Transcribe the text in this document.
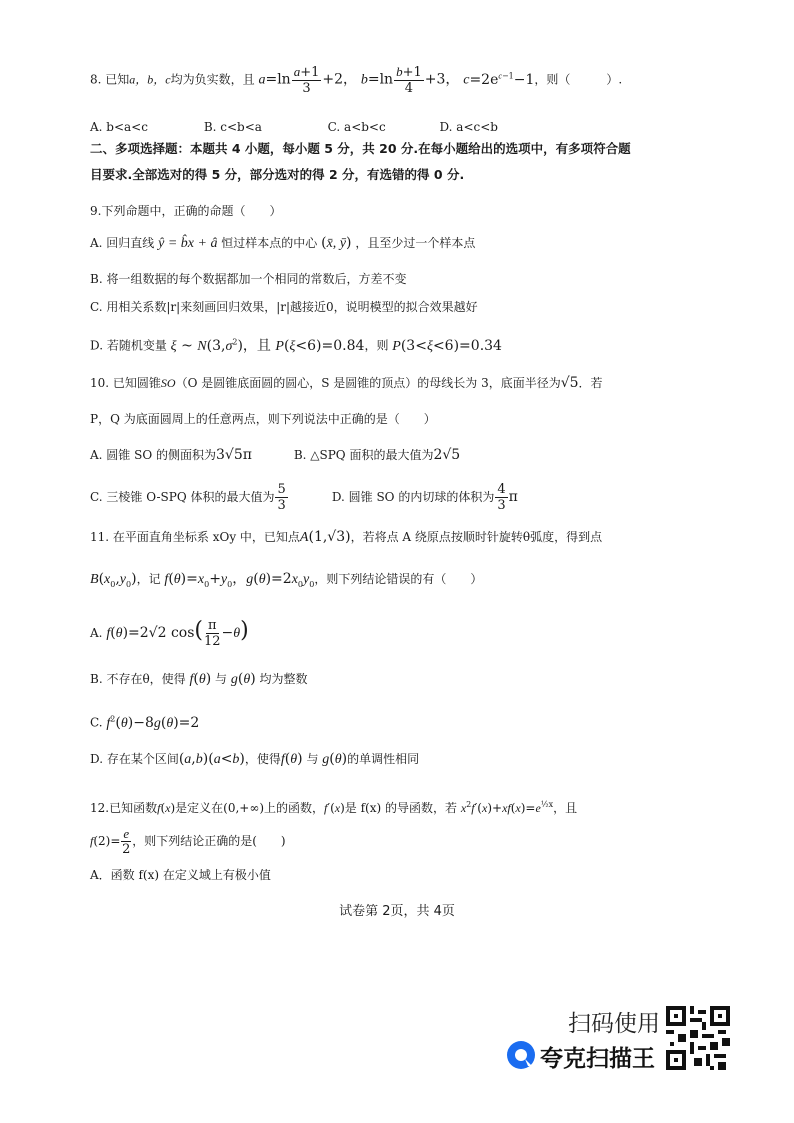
8. 已知a，b，c均为负实数，且 $a=\ln \frac{a+1}{3} +2$， $b=\ln \frac{b+1}{4} +3$， $c=2e^{c-1}-1$，则（　　　）.
A. b<a<c	B. c<b<a	C. a<b<c	D. a<c<b
二、多项选择题：本题共 4 小题，每小题 5 分，共 20 分.在每小题给出的选项中，有多项符合题
目要求.全部选对的得 5 分，部分选对的得 2 分，有选错的得 0 分.
9.下列命题中，正确的命题（　　）
A. 回归直线 ŷ = b̂x + â 恒过样本点的中心 (x̄, ȳ) ，且至少过一个样本点
B. 将一组数据的每个数据都加一个相同的常数后，方差不变
C. 用相关系数|r|来刻画回归效果，|r|越接近0，说明模型的拟合效果越好
D. 若随机变量 ξ ~ $N(3,\sigma^2)$，且 P(ξ<6)=0.84，则 P(3<ξ<6)=0.34
10. 已知圆锥SO（O 是圆锥底面圆的圆心，S 是圆锥的顶点）的母线长为 3，底面半径为√5．若
P，Q 为底面圆周上的任意两点，则下列说法中正确的是（　　）
A. 圆锥 SO 的侧面积为3√5π	B. △SPQ 面积的最大值为2√5
C. 三棱锥 O-SPQ 体积的最大值为 $\frac{5}{3}$	D. 圆锥 SO 的内切球的体积为 $\frac{4}{3}$ π
11. 在平面直角坐标系 xOy 中，已知点A(1,√3)，若将点 A 绕原点按顺时针旋转θ弧度，得到点
$B(x_0,y_0)$，记 $f(\theta)=x_0+y_0$，$g(\theta)=2x_0y_0$，则下列结论错误的有（　　）
A. f(θ)=2√2 $\cos( \frac{\pi}{12} -\theta)$
B. 不存在θ，使得 f(θ) 与 g(θ) 均为整数
C. $f^2(\theta)-8g(\theta)=2$
D. 存在某个区间(a,b)(a<b)，使得f(θ) 与 g(θ)的单调性相同
12.已知函数f(x)是定义在(0,+∞)上的函数，f′(x)是 f(x) 的导函数，若 $x^2f'(x)+xf(x)=e^{\frac{1}{2}x}$，且
$f(2)= \frac{e}{2}$ ，则下列结论正确的是(　　)
A．函数 f(x) 在定义域上有极小值
试卷第 2页，共 4页
扫码使用
夸克扫描王
